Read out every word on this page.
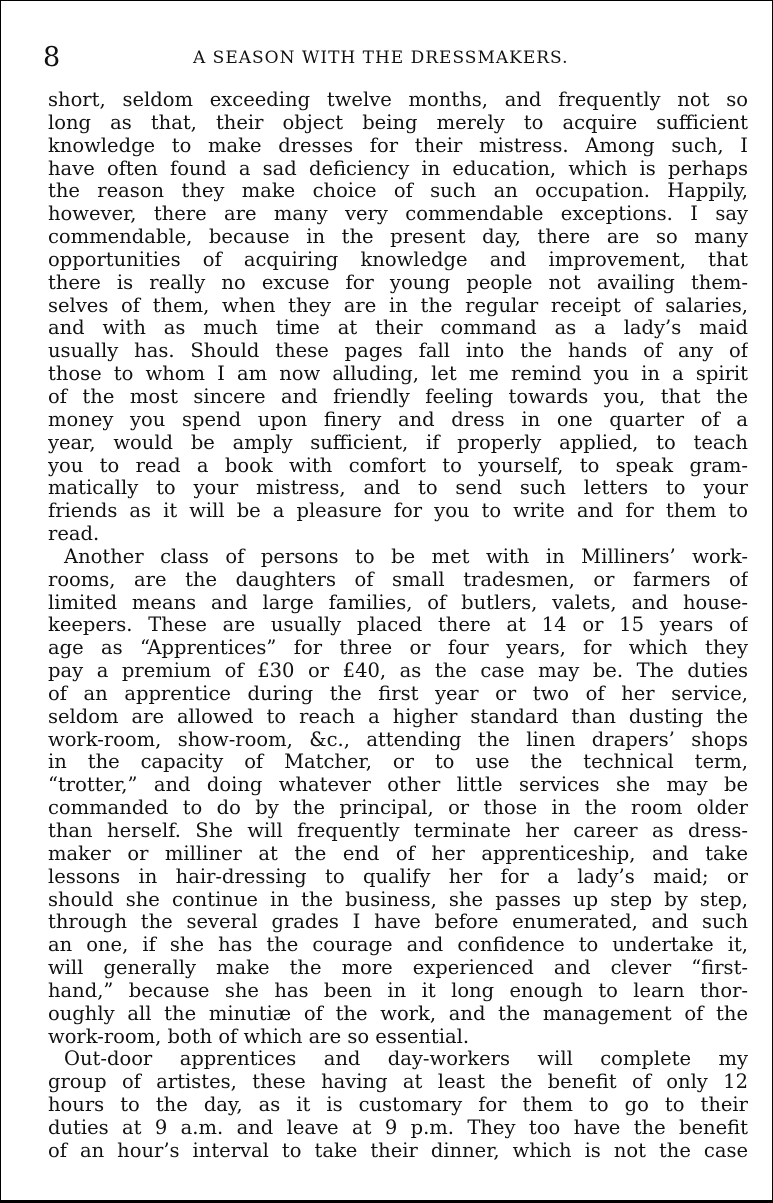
8	A SEASON WITH THE DRESSMAKERS.
short, seldom exceeding twelve months, and frequently not so
long as that, their object being merely to acquire sufficient
knowledge to make dresses for their mistress. Among such, I
have often found a sad deficiency in education, which is perhaps
the reason they make choice of such an occupation. Happily,
however, there are many very commendable exceptions. I say
commendable, because in the present day, there are so many
opportunities of acquiring knowledge and improvement, that
there is really no excuse for young people not availing them-
selves of them, when they are in the regular receipt of salaries,
and with as much time at their command as a lady’s maid
usually has. Should these pages fall into the hands of any of
those to whom I am now alluding, let me remind you in a spirit
of the most sincere and friendly feeling towards you, that the
money you spend upon finery and dress in one quarter of a
year, would be amply sufficient, if properly applied, to teach
you to read a book with comfort to yourself, to speak gram-
matically to your mistress, and to send such letters to your
friends as it will be a pleasure for you to write and for them to
read.
Another class of persons to be met with in Milliners’ work-
rooms, are the daughters of small tradesmen, or farmers of
limited means and large families, of butlers, valets, and house-
keepers. These are usually placed there at 14 or 15 years of
age as “Apprentices” for three or four years, for which they
pay a premium of £30 or £40, as the case may be. The duties
of an apprentice during the first year or two of her service,
seldom are allowed to reach a higher standard than dusting the
work-room, show-room, &c., attending the linen drapers’ shops
in the capacity of Matcher, or to use the technical term,
“trotter,” and doing whatever other little services she may be
commanded to do by the principal, or those in the room older
than herself. She will frequently terminate her career as dress-
maker or milliner at the end of her apprenticeship, and take
lessons in hair-dressing to qualify her for a lady’s maid; or
should she continue in the business, she passes up step by step,
through the several grades I have before enumerated, and such
an one, if she has the courage and confidence to undertake it,
will generally make the more experienced and clever “first-
hand,” because she has been in it long enough to learn thor-
oughly all the minutiæ of the work, and the management of the
work-room, both of which are so essential.
Out-door apprentices and day-workers will complete my
group of artistes, these having at least the benefit of only 12
hours to the day, as it is customary for them to go to their
duties at 9 a.m. and leave at 9 p.m. They too have the benefit
of an hour’s interval to take their dinner, which is not the case
